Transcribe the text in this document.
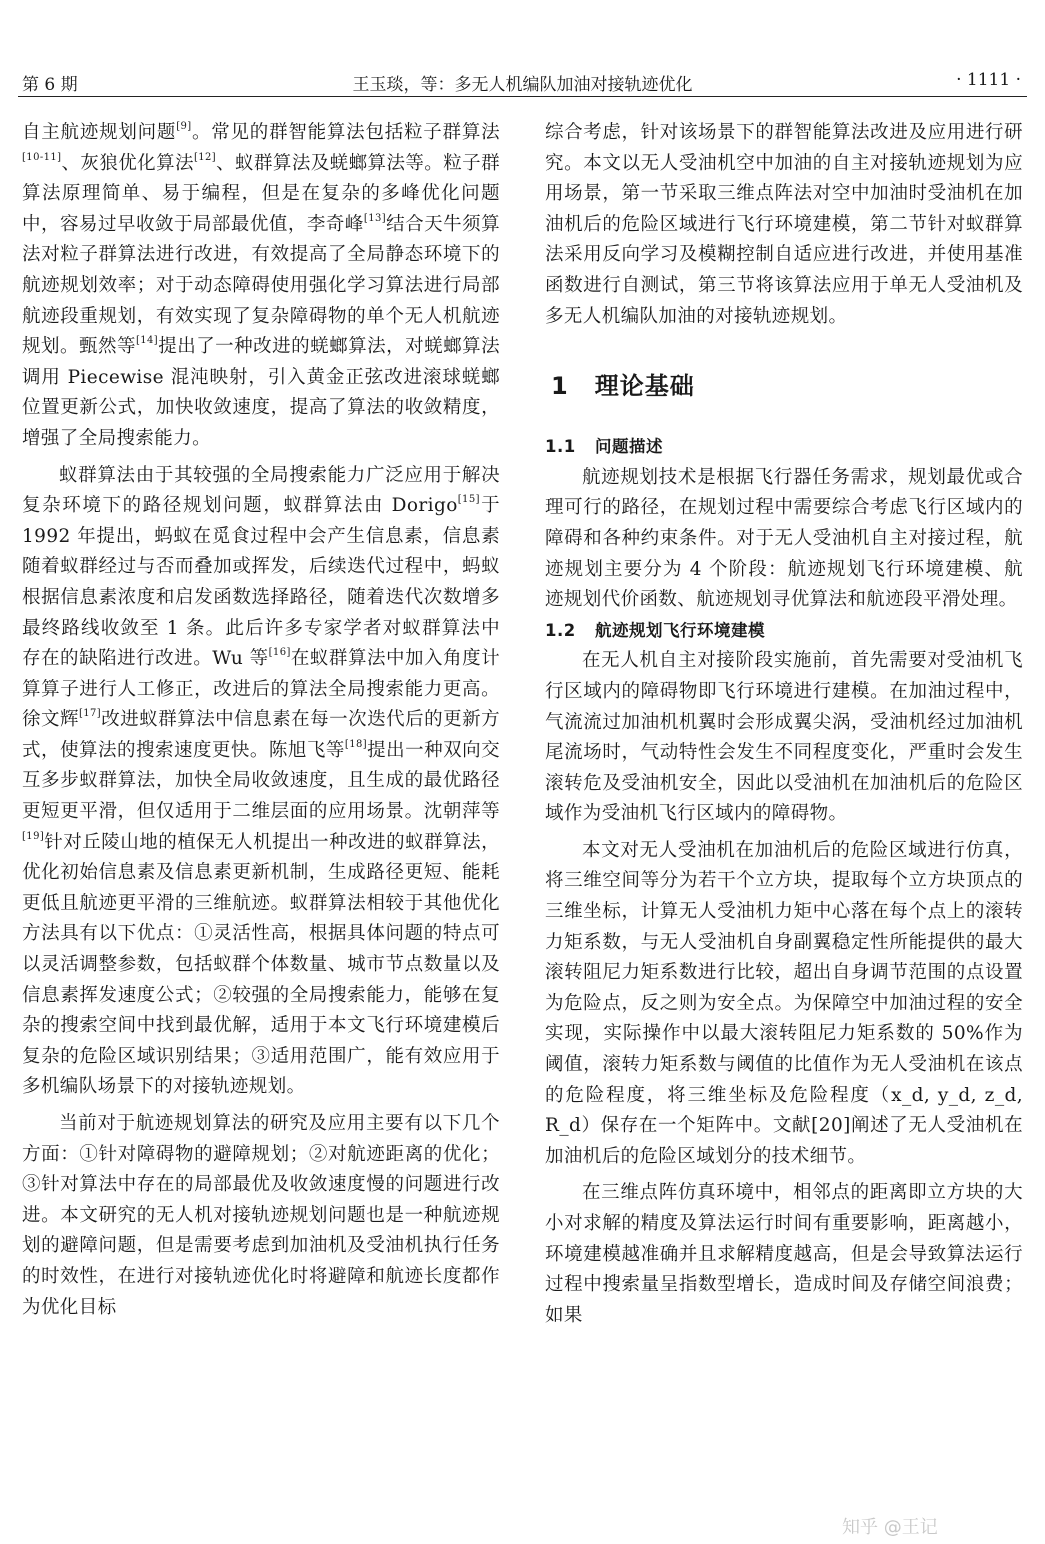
第 6 期	王玉琰，等：多无人机编队加油对接轨迹优化	· 1111 ·

自主航迹规划问题[9]。常见的群智能算法包括粒子群算法[10-11]、灰狼优化算法[12]、蚁群算法及蜣螂算法等。粒子群算法原理简单、易于编程，但是在复杂的多峰优化问题中，容易过早收敛于局部最优值，李奇峰[13]结合天牛须算法对粒子群算法进行改进，有效提高了全局静态环境下的航迹规划效率；对于动态障碍使用强化学习算法进行局部航迹段重规划，有效实现了复杂障碍物的单个无人机航迹规划。甄然等[14]提出了一种改进的蜣螂算法，对蜣螂算法调用 Piecewise 混沌映射，引入黄金正弦改进滚球蜣螂位置更新公式，加快收敛速度，提高了算法的收敛精度，增强了全局搜索能力。

蚁群算法由于其较强的全局搜索能力广泛应用于解决复杂环境下的路径规划问题，蚁群算法由 Dorigo[15]于 1992 年提出，蚂蚁在觅食过程中会产生信息素，信息素随着蚁群经过与否而叠加或挥发，后续迭代过程中，蚂蚁根据信息素浓度和启发函数选择路径，随着迭代次数增多最终路线收敛至 1 条。此后许多专家学者对蚁群算法中存在的缺陷进行改进。Wu 等[16]在蚁群算法中加入角度计算算子进行人工修正，改进后的算法全局搜索能力更高。徐文辉[17]改进蚁群算法中信息素在每一次迭代后的更新方式，使算法的搜索速度更快。陈旭飞等[18]提出一种双向交互多步蚁群算法，加快全局收敛速度，且生成的最优路径更短更平滑，但仅适用于二维层面的应用场景。沈朝萍等[19]针对丘陵山地的植保无人机提出一种改进的蚁群算法，优化初始信息素及信息素更新机制，生成路径更短、能耗更低且航迹更平滑的三维航迹。蚁群算法相较于其他优化方法具有以下优点：①灵活性高，根据具体问题的特点可以灵活调整参数，包括蚁群个体数量、城市节点数量以及信息素挥发速度公式；②较强的全局搜索能力，能够在复杂的搜索空间中找到最优解，适用于本文飞行环境建模后复杂的危险区域识别结果；③适用范围广，能有效应用于多机编队场景下的对接轨迹规划。

当前对于航迹规划算法的研究及应用主要有以下几个方面：①针对障碍物的避障规划；②对航迹距离的优化；③针对算法中存在的局部最优及收敛速度慢的问题进行改进。本文研究的无人机对接轨迹规划问题也是一种航迹规划的避障问题，但是需要考虑到加油机及受油机执行任务的时效性，在进行对接轨迹优化时将避障和航迹长度都作为优化目标

综合考虑，针对该场景下的群智能算法改进及应用进行研究。本文以无人受油机空中加油的自主对接轨迹规划为应用场景，第一节采取三维点阵法对空中加油时受油机在加油机后的危险区域进行飞行环境建模，第二节针对蚁群算法采用反向学习及模糊控制自适应进行改进，并使用基准函数进行自测试，第三节将该算法应用于单无人受油机及多无人机编队加油的对接轨迹规划。

1 理论基础
1.1 问题描述

航迹规划技术是根据飞行器任务需求，规划最优或合理可行的路径，在规划过程中需要综合考虑飞行区域内的障碍和各种约束条件。对于无人受油机自主对接过程，航迹规划主要分为 4 个阶段：航迹规划飞行环境建模、航迹规划代价函数、航迹规划寻优算法和航迹段平滑处理。

1.2 航迹规划飞行环境建模

在无人机自主对接阶段实施前，首先需要对受油机飞行区域内的障碍物即飞行环境进行建模。在加油过程中，气流流过加油机机翼时会形成翼尖涡，受油机经过加油机尾流场时，气动特性会发生不同程度变化，严重时会发生滚转危及受油机安全，因此以受油机在加油机后的危险区域作为受油机飞行区域内的障碍物。

本文对无人受油机在加油机后的危险区域进行仿真，将三维空间等分为若干个立方块，提取每个立方块顶点的三维坐标，计算无人受油机力矩中心落在每个点上的滚转力矩系数，与无人受油机自身副翼稳定性所能提供的最大滚转阻尼力矩系数进行比较，超出自身调节范围的点设置为危险点，反之则为安全点。为保障空中加油过程的安全实现，实际操作中以最大滚转阻尼力矩系数的 50%作为阈值，滚转力矩系数与阈值的比值作为无人受油机在该点的危险程度，将三维坐标及危险程度（x_d, y_d, z_d, R_d）保存在一个矩阵中。文献[20]阐述了无人受油机在加油机后的危险区域划分的技术细节。

在三维点阵仿真环境中，相邻点的距离即立方块的大小对求解的精度及算法运行时间有重要影响，距离越小，环境建模越准确并且求解精度越高，但是会导致算法运行过程中搜索量呈指数型增长，造成时间及存储空间浪费；如果

知乎 @王记
